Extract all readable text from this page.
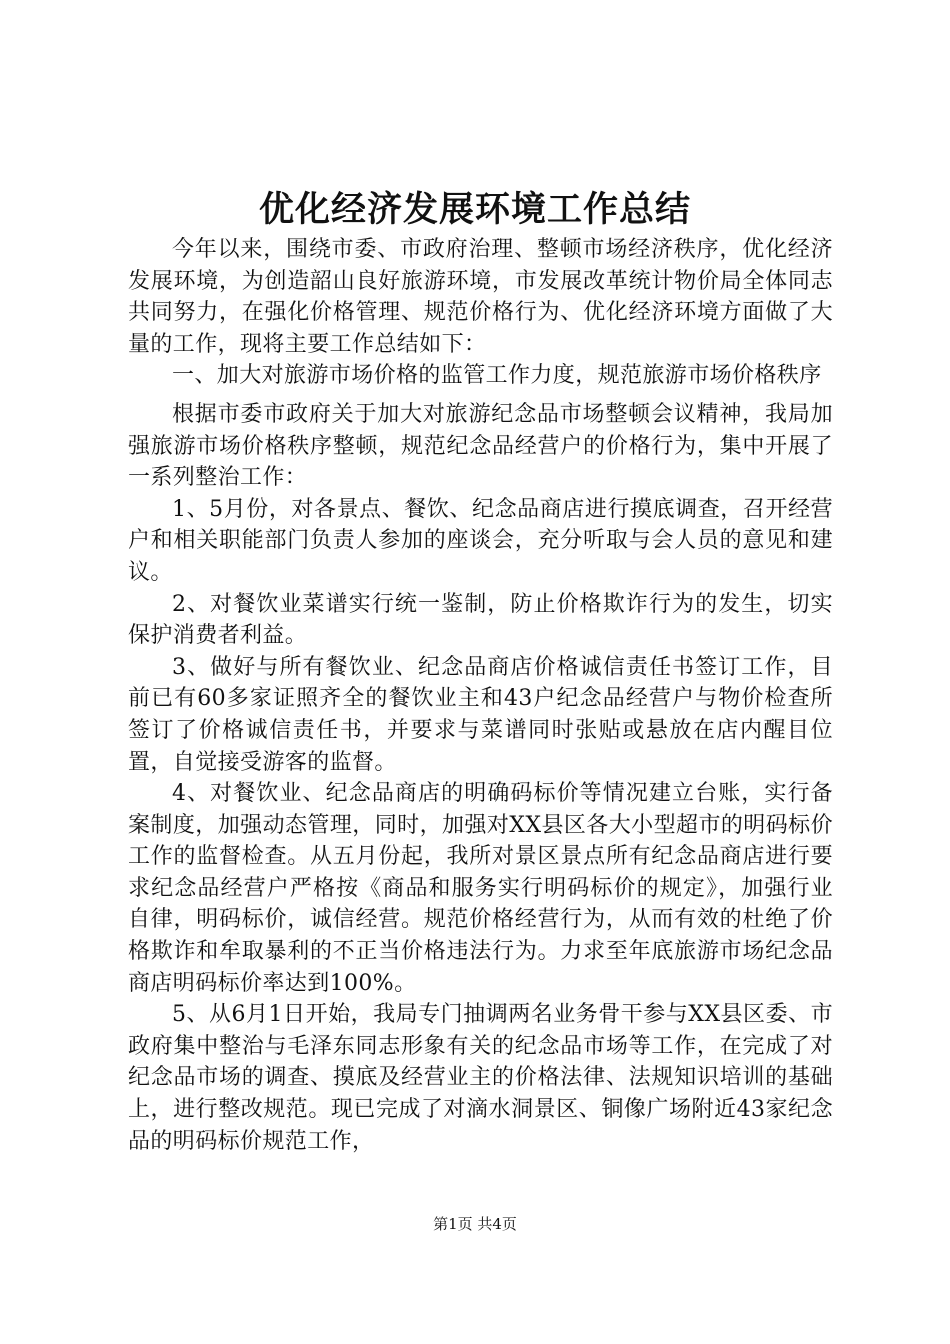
优化经济发展环境工作总结

今年以来，围绕市委、市政府治理、整顿市场经济秩序，优化经济发展环境，为创造韶山良好旅游环境，市发展改革统计物价局全体同志共同努力，在强化价格管理、规范价格行为、优化经济环境方面做了大量的工作，现将主要工作总结如下：

一、加大对旅游市场价格的监管工作力度，规范旅游市场价格秩序

根据市委市政府关于加大对旅游纪念品市场整顿会议精神，我局加强旅游市场价格秩序整顿，规范纪念品经营户的价格行为，集中开展了一系列整治工作：

1、5月份，对各景点、餐饮、纪念品商店进行摸底调查，召开经营户和相关职能部门负责人参加的座谈会，充分听取与会人员的意见和建议。

2、对餐饮业菜谱实行统一鉴制，防止价格欺诈行为的发生，切实保护消费者利益。

3、做好与所有餐饮业、纪念品商店价格诚信责任书签订工作，目前已有60多家证照齐全的餐饮业主和43户纪念品经营户与物价检查所签订了价格诚信责任书，并要求与菜谱同时张贴或悬放在店内醒目位置，自觉接受游客的监督。

4、对餐饮业、纪念品商店的明确码标价等情况建立台账，实行备案制度，加强动态管理，同时，加强对XX县区各大小型超市的明码标价工作的监督检查。从五月份起，我所对景区景点所有纪念品商店进行要求纪念品经营户严格按《商品和服务实行明码标价的规定》，加强行业自律，明码标价，诚信经营。规范价格经营行为，从而有效的杜绝了价格欺诈和牟取暴利的不正当价格违法行为。力求至年底旅游市场纪念品商店明码标价率达到100%。

5、从6月1日开始，我局专门抽调两名业务骨干参与XX县区委、市政府集中整治与毛泽东同志形象有关的纪念品市场等工作，在完成了对纪念品市场的调查、摸底及经营业主的价格法律、法规知识培训的基础上，进行整改规范。现已完成了对滴水洞景区、铜像广场附近43家纪念品的明码标价规范工作，

第1页 共4页
